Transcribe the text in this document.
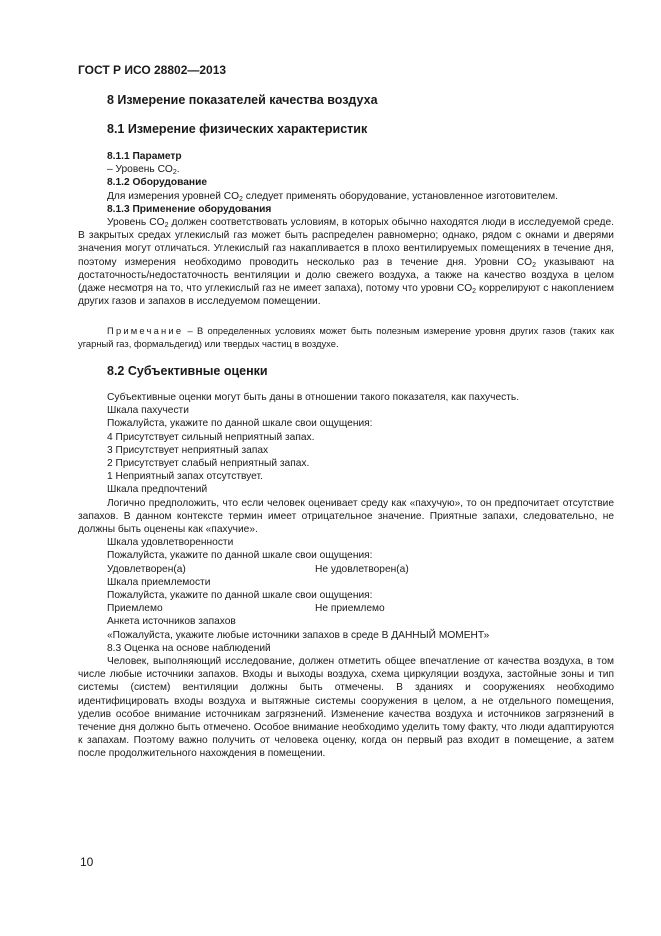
ГОСТ Р ИСО 28802—2013
8 Измерение показателей качества воздуха
8.1 Измерение физических характеристик
8.1.1 Параметр
– Уровень $CO_2$.
8.1.2 Оборудование
Для измерения уровней $CO_2$ следует применять оборудование, установленное изготовителем.
8.1.3 Применение оборудования

Уровень $CO_2$ должен соответствовать условиям, в которых обычно находятся люди в исследуемой среде. В закрытых средах углекислый газ может быть распределен равномерно; однако, рядом с окнами и дверями значения могут отличаться. Углекислый газ накапливается в плохо вентилируемых помещениях в течение дня, поэтому измерения необходимо проводить несколько раз в течение дня. Уровни $CO_2$ указывают на достаточность/недостаточность вентиляции и долю свежего воздуха, а также на качество воздуха в целом (даже несмотря на то, что углекислый газ не имеет запаха), потому что уровни $CO_2$ коррелируют с накоплением других газов и запахов в исследуемом помещении.

Примечание – В определенных условиях может быть полезным измерение уровня других газов (таких как угарный газ, формальдегид) или твердых частиц в воздухе.

8.2 Субъективные оценки
Субъективные оценки могут быть даны в отношении такого показателя, как пахучесть.
Шкала пахучести
Пожалуйста, укажите по данной шкале свои ощущения:
4 Присутствует сильный неприятный запах.
3 Присутствует неприятный запах
2 Присутствует слабый неприятный запах.
1 Неприятный запах отсутствует.
Шкала предпочтений

Логично предположить, что если человек оценивает среду как «пахучую», то он предпочитает отсутствие запахов. В данном контексте термин имеет отрицательное значение. Приятные запахи, следовательно, не должны быть оценены как «пахучие».

Шкала удовлетворенности
Пожалуйста, укажите по данной шкале свои ощущения:
Удовлетворен(а)	Не удовлетворен(а)
Шкала приемлемости
Пожалуйста, укажите по данной шкале свои ощущения:
Приемлемо	Не приемлемо
Анкета источников запахов
«Пожалуйста, укажите любые источники запахов в среде В ДАННЫЙ МОМЕНТ»
8.3 Оценка на основе наблюдений

Человек, выполняющий исследование, должен отметить общее впечатление от качества воздуха, в том числе любые источники запахов. Входы и выходы воздуха, схема циркуляции воздуха, застойные зоны и тип системы (систем) вентиляции должны быть отмечены. В зданиях и сооружениях необходимо идентифицировать входы воздуха и вытяжные системы сооружения в целом, а не отдельного помещения, уделив особое внимание источникам загрязнений. Изменение качества воздуха и источников загрязнений в течение дня должно быть отмечено. Особое внимание необходимо уделить тому факту, что люди адаптируются к запахам. Поэтому важно получить от человека оценку, когда он первый раз входит в помещение, а затем после продолжительного нахождения в помещении.

10
